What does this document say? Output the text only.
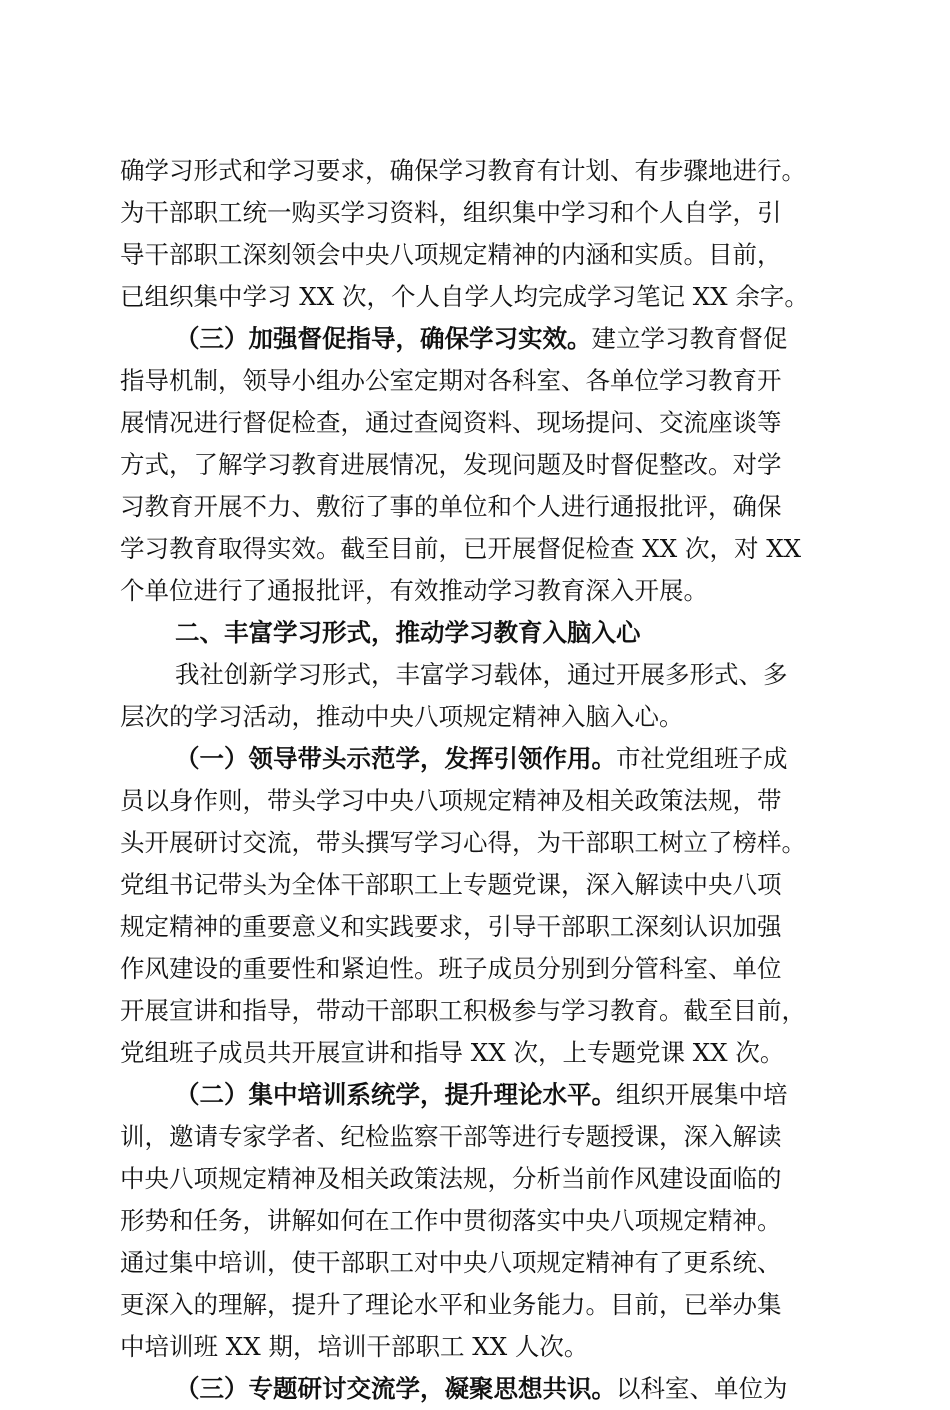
确学习形式和学习要求，确保学习教育有计划、有步骤地进行。
为干部职工统一购买学习资料，组织集中学习和个人自学，引
导干部职工深刻领会中央八项规定精神的内涵和实质。目前，
已组织集中学习 XX 次，个人自学人均完成学习笔记 XX 余字。
（三）加强督促指导，确保学习实效。建立学习教育督促
指导机制，领导小组办公室定期对各科室、各单位学习教育开
展情况进行督促检查，通过查阅资料、现场提问、交流座谈等
方式，了解学习教育进展情况，发现问题及时督促整改。对学
习教育开展不力、敷衍了事的单位和个人进行通报批评，确保
学习教育取得实效。截至目前，已开展督促检查 XX 次，对 XX
个单位进行了通报批评，有效推动学习教育深入开展。
二、丰富学习形式，推动学习教育入脑入心
我社创新学习形式，丰富学习载体，通过开展多形式、多
层次的学习活动，推动中央八项规定精神入脑入心。
（一）领导带头示范学，发挥引领作用。市社党组班子成
员以身作则，带头学习中央八项规定精神及相关政策法规，带
头开展研讨交流，带头撰写学习心得，为干部职工树立了榜样。
党组书记带头为全体干部职工上专题党课，深入解读中央八项
规定精神的重要意义和实践要求，引导干部职工深刻认识加强
作风建设的重要性和紧迫性。班子成员分别到分管科室、单位
开展宣讲和指导，带动干部职工积极参与学习教育。截至目前，
党组班子成员共开展宣讲和指导 XX 次，上专题党课 XX 次。
（二）集中培训系统学，提升理论水平。组织开展集中培
训，邀请专家学者、纪检监察干部等进行专题授课，深入解读
中央八项规定精神及相关政策法规，分析当前作风建设面临的
形势和任务，讲解如何在工作中贯彻落实中央八项规定精神。
通过集中培训，使干部职工对中央八项规定精神有了更系统、
更深入的理解，提升了理论水平和业务能力。目前，已举办集
中培训班 XX 期，培训干部职工 XX 人次。
（三）专题研讨交流学，凝聚思想共识。以科室、单位为
